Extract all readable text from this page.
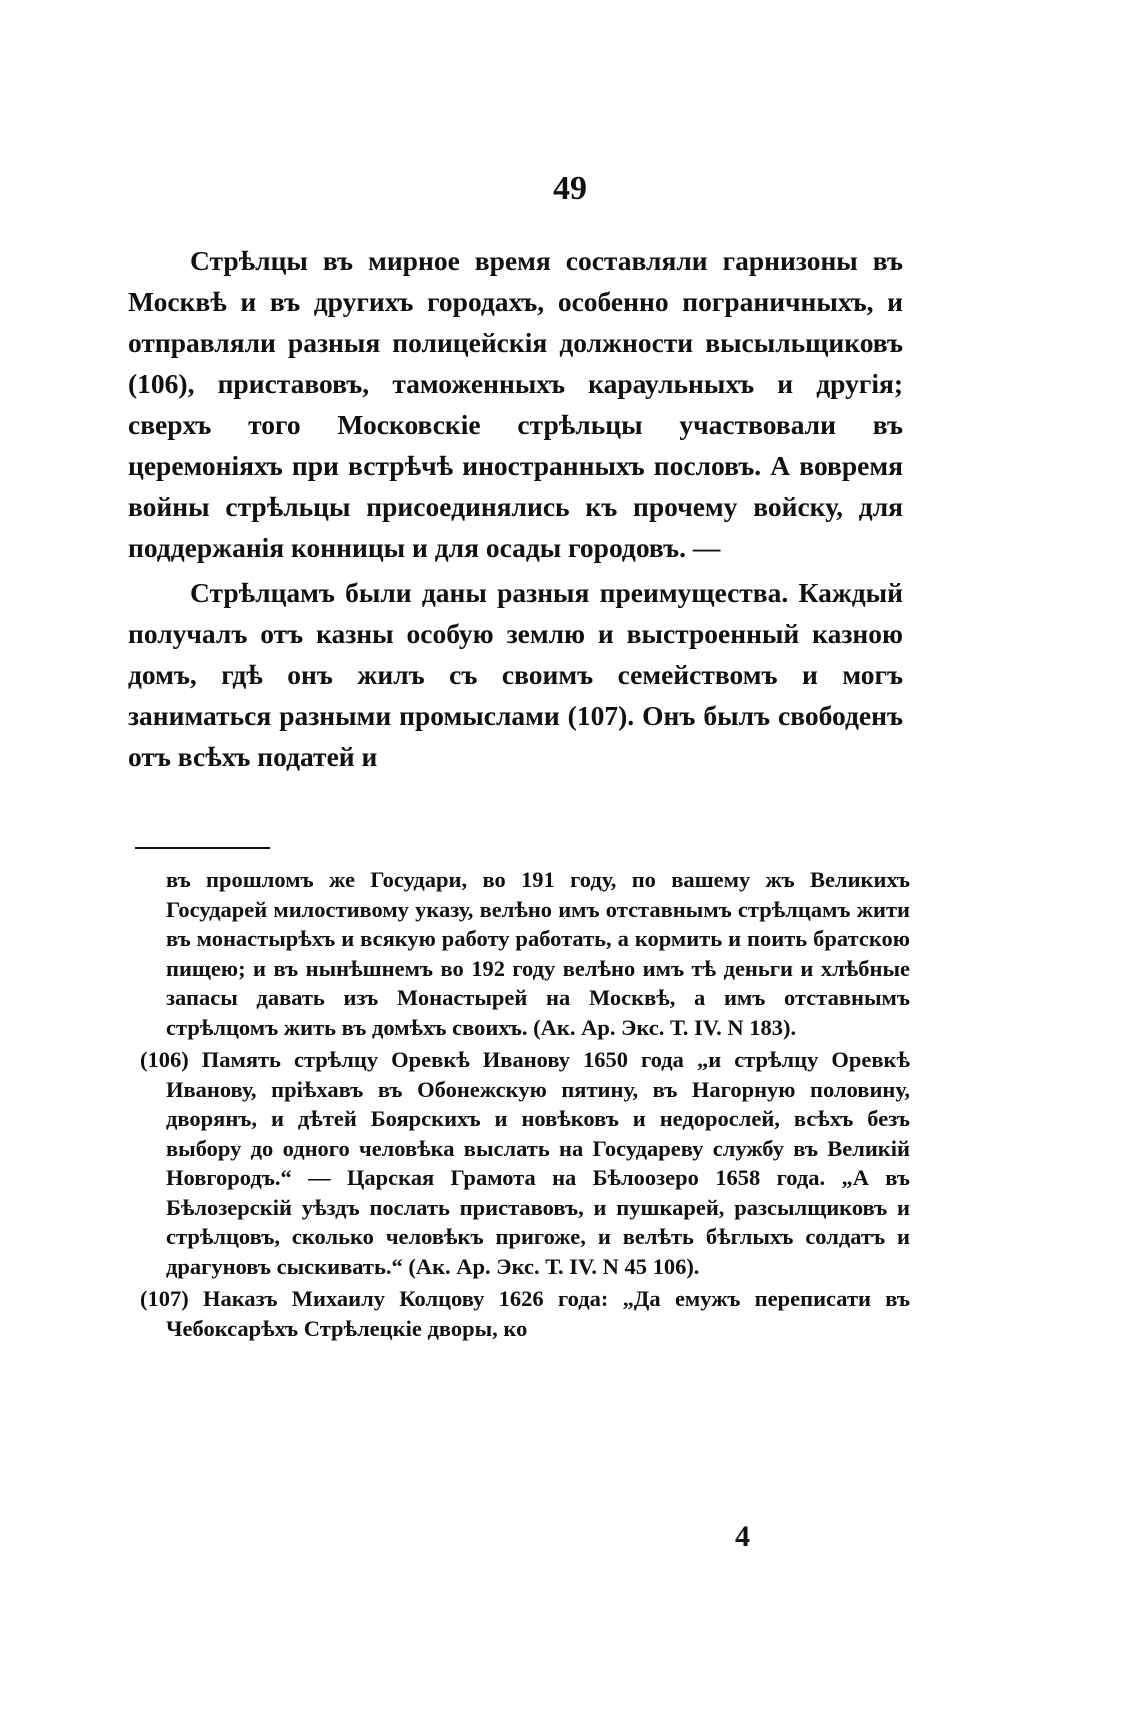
49

Стрѣлцы въ мирное время составляли гарнизоны въ Москвѣ и въ другихъ городахъ, особенно пограничныхъ, и отправляли разныя полицейскія должности высыльщиковъ (106), приставовъ, таможенныхъ караульныхъ и другія; сверхъ того Московскіе стрѣльцы участвовали въ церемоніяхъ при встрѣчѣ иностранныхъ пословъ. А вовремя войны стрѣльцы присоединялись къ прочему войску, для поддержанія конницы и для осады городовъ. —

Стрѣлцамъ были даны разныя преимущества. Каждый получалъ отъ казны особую землю и выстроенный казною домъ, гдѣ онъ жилъ съ своимъ семействомъ и могъ заниматься разными промыслами (107). Онъ былъ свободенъ отъ всѣхъ податей и

въ прошломъ же Государи, во 191 году, по вашему жъ Великихъ Государей милостивому указу, велѣно имъ отставнымъ стрѣлцамъ жити въ монастырѣхъ и всякую работу работать, а кормить и поить братскою пищею; и въ нынѣшнемъ во 192 году велѣно имъ тѣ деньги и хлѣбные запасы давать изъ Монастырей на Москвѣ, а имъ отставнымъ стрѣлцомъ жить въ домѣхъ своихъ. (Ак. Ар. Экс. Т. IV. N 183).

(106) Память стрѣлцу Оревкѣ Иванову 1650 года „и стрѣлцу Оревкѣ Иванову, пріѣхавъ въ Обонежскую пятину, въ Нагорную половину, дворянъ, и дѣтей Боярскихъ и новѣковъ и недорослей, всѣхъ безъ выбору до одного человѣка выслать на Государеву службу въ Великій Новгородъ.“ — Царская Грамота на Бѣлоозеро 1658 года. „А въ Бѣлозерскій уѣздъ послать приставовъ, и пушкарей, разсылщиковъ и стрѣлцовъ, сколько человѣкъ пригоже, и велѣть бѣглыхъ солдатъ и драгуновъ сыскивать.“ (Ак. Ар. Экс. Т. IV. N 45 106).

(107) Наказъ Михаилу Колцову 1626 года: „Да емужъ переписати въ Чебоксарѣхъ Стрѣлецкіе дворы, ко

4
